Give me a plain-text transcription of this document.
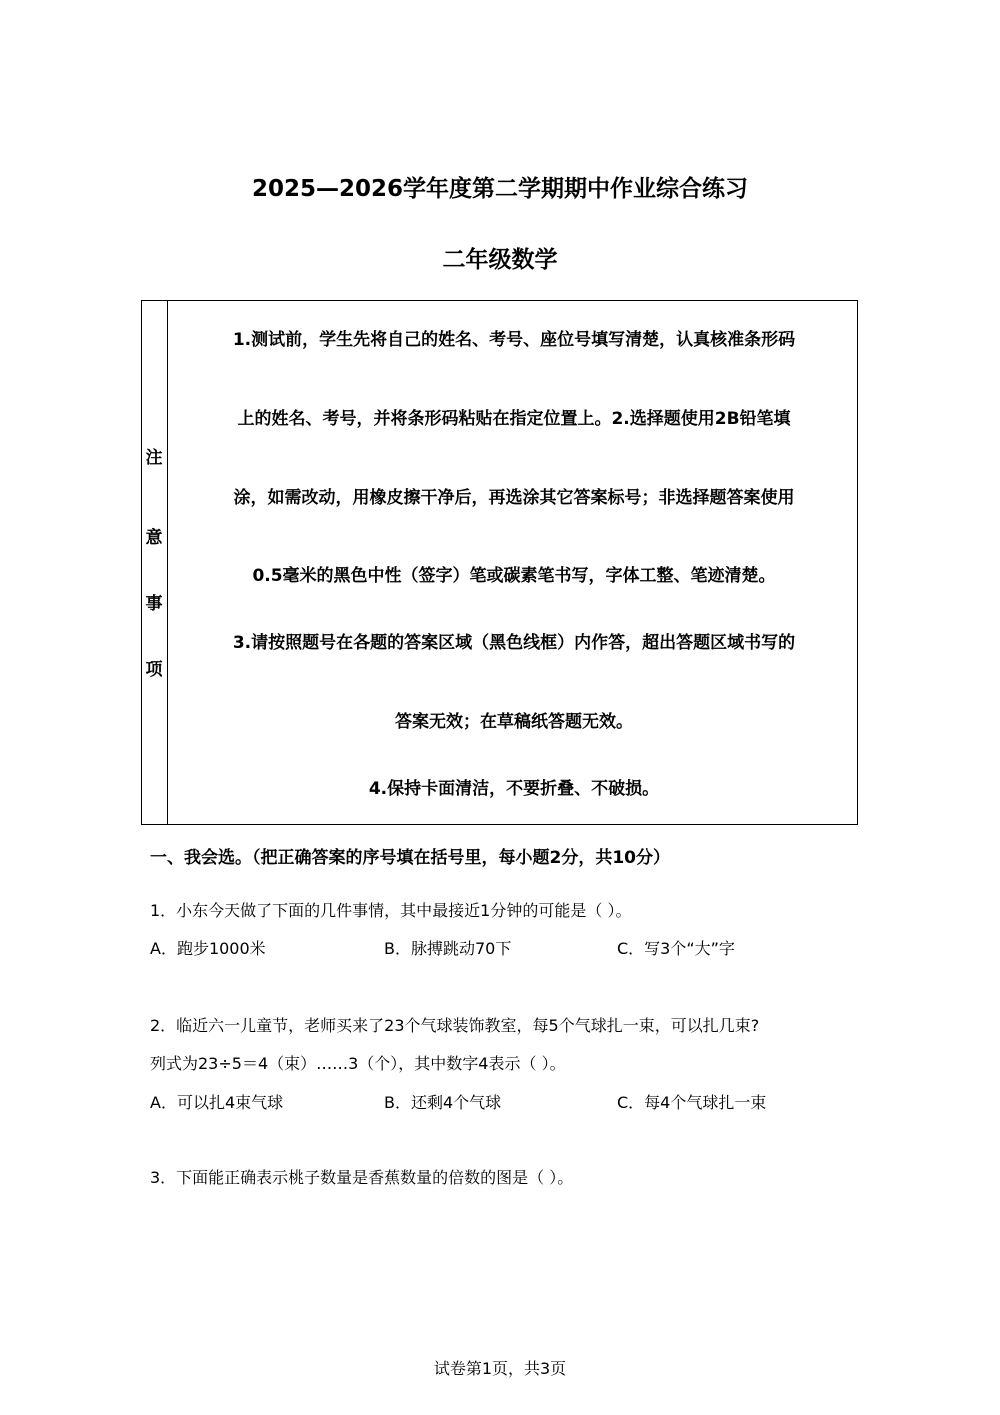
2025—2026学年度第二学期期中作业综合练习
二年级数学
注
意
事
项
1.测试前，学生先将自己的姓名、考号、座位号填写清楚，认真核准条形码
上的姓名、考号，并将条形码粘贴在指定位置上。2.选择题使用2B铅笔填
涂，如需改动，用橡皮擦干净后，再选涂其它答案标号；非选择题答案使用
0.5毫米的黑色中性（签字）笔或碳素笔书写，字体工整、笔迹清楚。
3.请按照题号在各题的答案区域（黑色线框）内作答，超出答题区域书写的
答案无效；在草稿纸答题无效。
4.保持卡面清洁，不要折叠、不破损。
一、我会选。（把正确答案的序号填在括号里，每小题2分，共10分）
1．小东今天做了下面的几件事情，其中最接近1分钟的可能是（ ）。
A．跑步1000米	B．脉搏跳动70下	C．写3个“大”字
2．临近六一儿童节，老师买来了23个气球装饰教室，每5个气球扎一束，可以扎几束?
列式为23÷5＝4（束）……3（个），其中数字4表示（ ）。
A．可以扎4束气球	B．还剩4个气球	C．每4个气球扎一束
3．下面能正确表示桃子数量是香蕉数量的倍数的图是（ ）。
试卷第1页，共3页
